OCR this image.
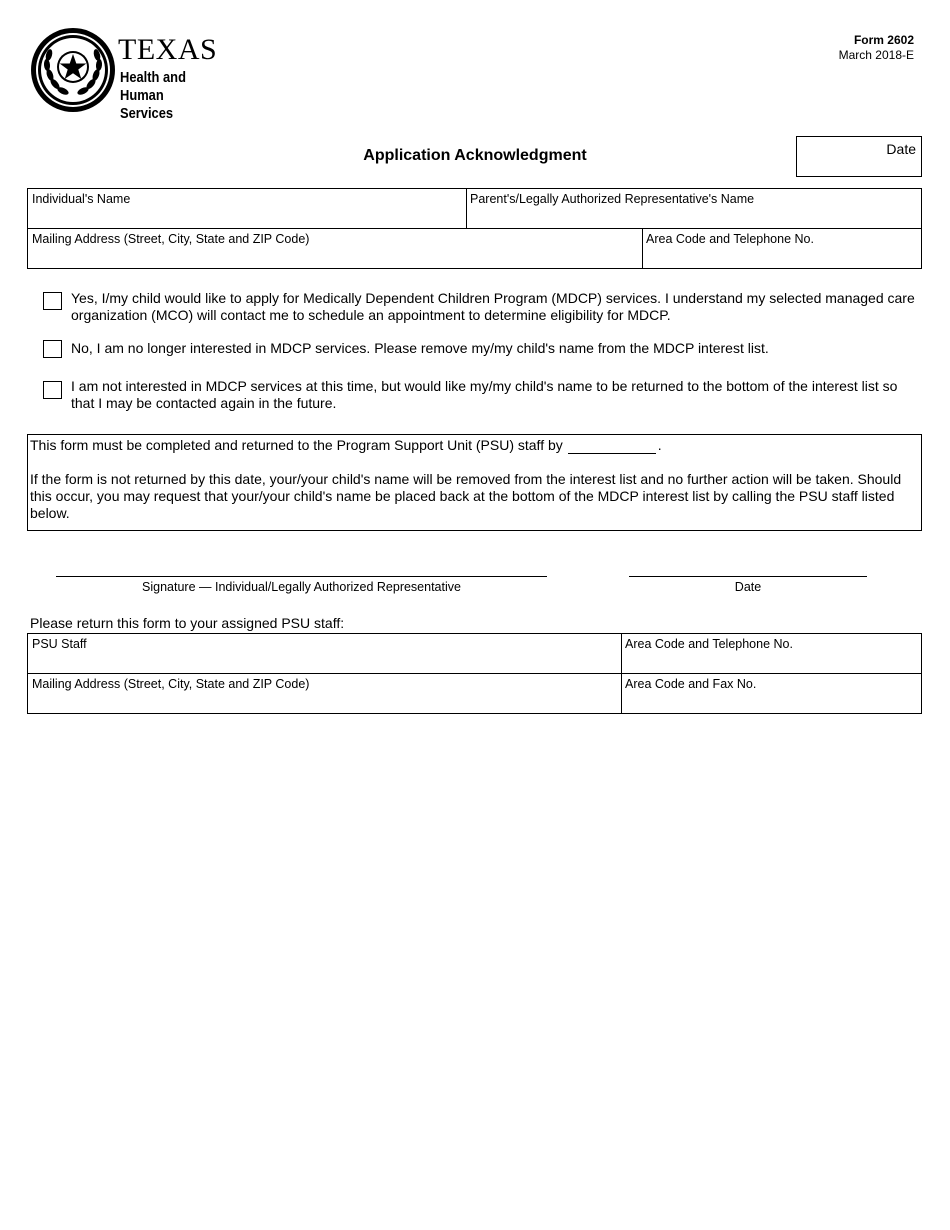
TEXAS
Health and Human
Services
Form 2602
March 2018-E
Application Acknowledgment	Date
Individual's Name	Parent's/Legally Authorized Representative's Name
Mailing Address (Street, City, State and ZIP Code)	Area Code and Telephone No.
Yes, I/my child would like to apply for Medically Dependent Children Program (MDCP) services. I understand my selected managed care organization (MCO) will contact me to schedule an appointment to determine eligibility for MDCP.
No, I am no longer interested in MDCP services. Please remove my/my child's name from the MDCP interest list.
I am not interested in MDCP services at this time, but would like my/my child's name to be returned to the bottom of the interest list so that I may be contacted again in the future.
This form must be completed and returned to the Program Support Unit (PSU) staff by	.
If the form is not returned by this date, your/your child's name will be removed from the interest list and no further action will be taken. Should this occur, you may request that your/your child's name be placed back at the bottom of the MDCP interest list by calling the PSU staff listed below.
Signature — Individual/Legally Authorized Representative	Date
Please return this form to your assigned PSU staff:
PSU Staff	Area Code and Telephone No.
Mailing Address (Street, City, State and ZIP Code)	Area Code and Fax No.
